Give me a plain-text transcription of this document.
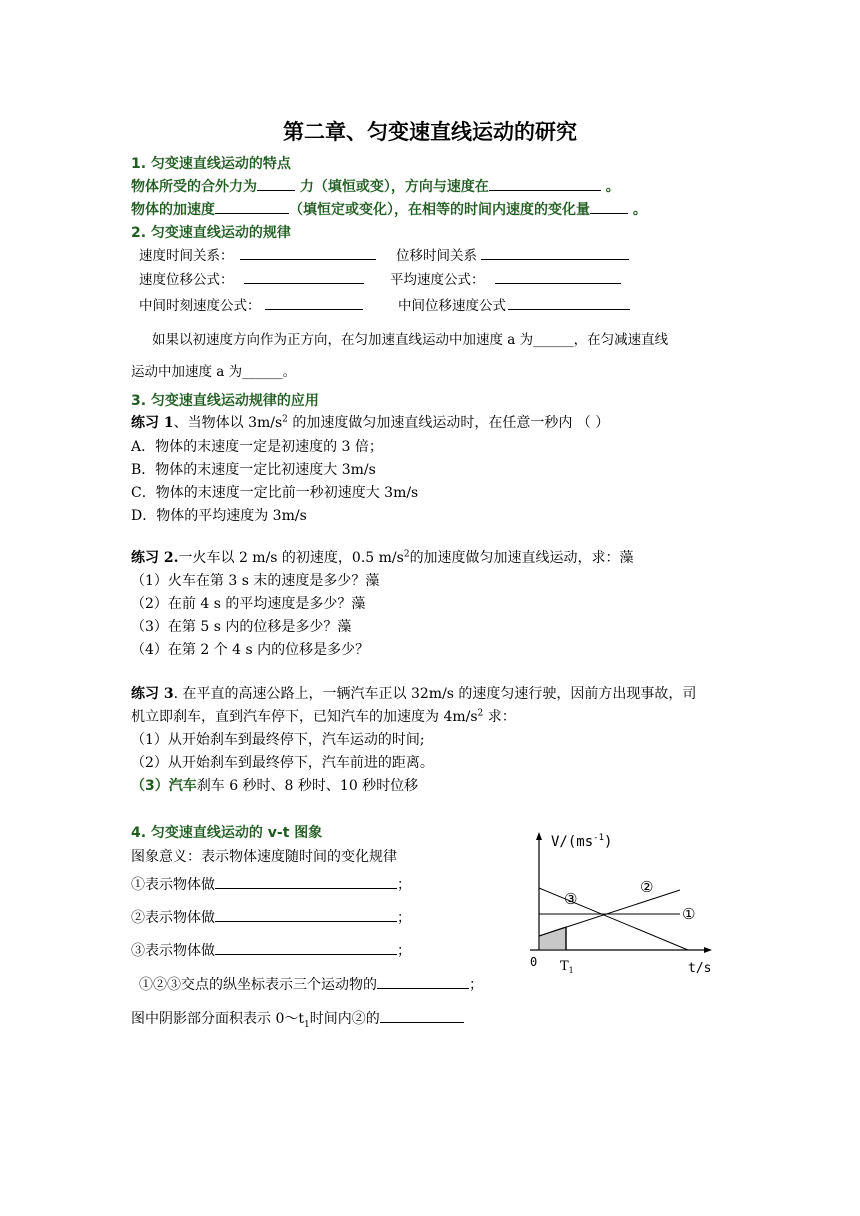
第二章、匀变速直线运动的研究
1. 匀变速直线运动的特点
物体所受的合外力为	力（填恒或变），方向与速度在	。
物体的加速度	（填恒定或变化），在相等的时间内速度的变化量	。
2. 匀变速直线运动的规律
速度时间关系：	位移时间关系
速度位移公式：	平均速度公式：
中间时刻速度公式：	中间位移速度公式
如果以初速度方向作为正方向，在匀加速直线运动中加速度 a 为______，在匀减速直线
运动中加速度 a 为______。
3. 匀变速直线运动规律的应用
练习 1、当物体以 $3m/s^2$ 的加速度做匀加速直线运动时，在任意一秒内 （ ）
A．物体的末速度一定是初速度的 3 倍；
B．物体的末速度一定比初速度大 3m/s
C．物体的末速度一定比前一秒初速度大 3m/s
D．物体的平均速度为 3m/s
练习 2.一火车以 2 m/s 的初速度，0.5 $m/s^2$的加速度做匀加速直线运动，求：藻
（1）火车在第 3 s 末的速度是多少？藻
（2）在前 4 s 的平均速度是多少？藻
（3）在第 5 s 内的位移是多少？藻
（4）在第 2 个 4 s 内的位移是多少？
练习 3. 在平直的高速公路上，一辆汽车正以 32m/s 的速度匀速行驶，因前方出现事故，司
机立即刹车，直到汽车停下，已知汽车的加速度为 $4m/s^2$ 求：
（1）从开始刹车到最终停下，汽车运动的时间;
（2）从开始刹车到最终停下，汽车前进的距离。
（3）汽车刹车 6 秒时、8 秒时、10 秒时位移
4. 匀变速直线运动的 v-t 图象
图象意义：表示物体速度随时间的变化规律
①表示物体做	；
②表示物体做	；
③表示物体做	；
①②③交点的纵坐标表示三个运动物的	；
图中阴影部分面积表示 $0\sim t_1$时间内②的
$V/(ms^{-1})$
t/s
0 $T_1$
①
②
③
